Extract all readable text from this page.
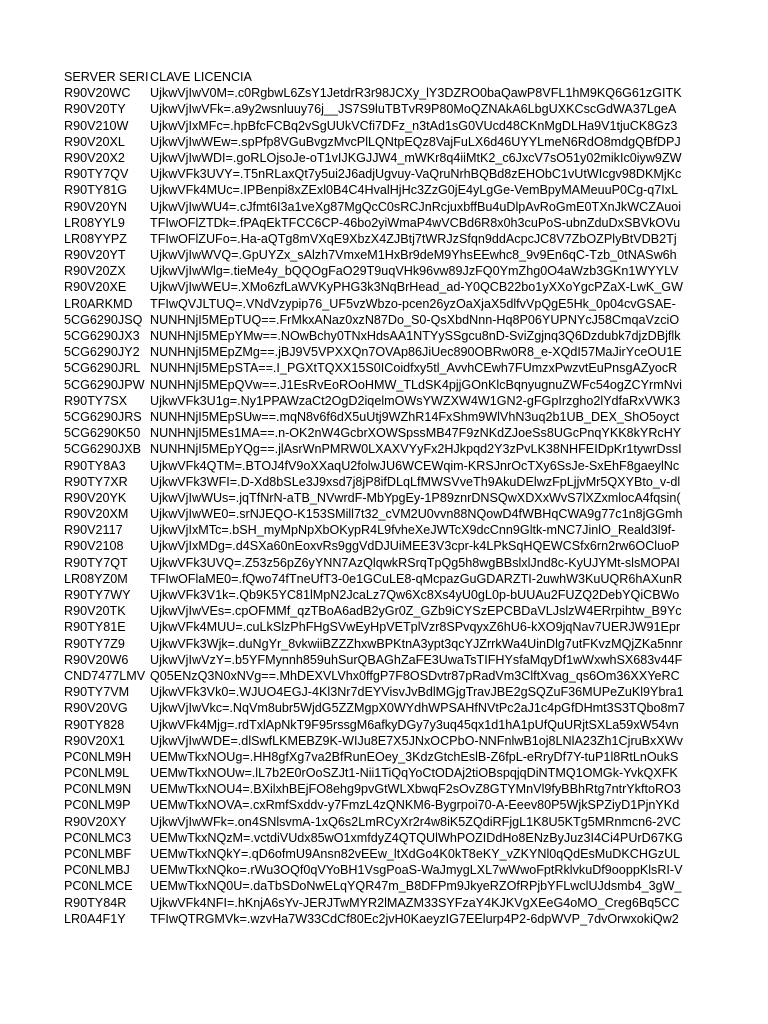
SERVER SERI CLAVE LICENCIA
R90V20WC	UjkwVjIwV0M=.c0RgbwL6ZsY1JetdrR3r98JCXy_lY3DZRO0baQawP8VFL1hM9KQ6G61zGITK
R90V20TY	UjkwVjIwVFk=.a9y2wsnluuy76j__JS7S9luTBTvR9P80MoQZNAkA6LbgUXKCscGdWA37LgeA
R90V210W	UjkwVjIxMFc=.hpBfcFCBq2vSgUUkVCfi7DFz_n3tAd1sG0VUcd48CKnMgDLHa9V1tjuCK8Gz3
R90V20XL	UjkwVjIwWEw=.spPfp8VGuBvgzMvcPlLQNtpEQz8VajFuLX6d46UYYLmeN6RdO8mdgQBfDPJ
R90V20X2	UjkwVjIwWDI=.goRLOjsoJe-oT1vIJKGJJW4_mWKr8q4iiMtK2_c6JxcV7sO51y02mikIc0iyw9ZW
R90TY7QV	UjkwVFk3UVY=.T5nRLaxQt7y5ui2J6adjUgvuy-VaQruNrhBQBd8zEHObC1vUtWIcgv98DKMjKc
R90TY81G	UjkwVFk4MUc=.IPBenpi8xZExl0B4C4HvalHjHc3ZzG0jE4yLgGe-VemBpyMAMeuuP0Cg-q7IxL
R90V20YN	UjkwVjIwWU4=.cJfmt6I3a1veXg87MgQcC0sRCJnRcjuxbffBu4uDlpAvRoGmE0TXnJkWCZAuoi
LR08YYL9	TFIwOFlZTDk=.fPAqEkTFCC6CP-46bo2yiWmaP4wVCBd6R8x0h3cuPoS-ubnZduDxSBVkOVu
LR08YYPZ	TFIwOFlZUFo=.Ha-aQTg8mVXqE9XbzX4ZJBtj7tWRJzSfqn9ddAcpcJC8V7ZbOZPlyBtVDB2Tj
R90V20YT	UjkwVjIwWVQ=.GpUYZx_sAlzh7VmxeM1HxBr9deM9YhsEEwhc8_9v9En6qC-Tzb_0tNASw6h
R90V20ZX	UjkwVjIwWlg=.tieMe4y_bQQOgFaO29T9uqVHk96vw89JzFQ0YmZhg0O4aWzb3GKn1WYYLV
R90V20XE	UjkwVjIwWEU=.XMo6zfLaWVKyPHG3k3NqBrHead_ad-Y0QCB22bo1yXXoYgcPZaX-LwK_GW
LR0ARKMD	TFIwQVJLTUQ=.VNdVzypip76_UF5vzWbzo-pcen26yzOaXjaX5dlfvVpQgE5Hk_0p04cvGSAE-
5CG6290JSQ NUNHNjI5MEpTUQ==.FrMkxANaz0xzN87Do_S0-QsXbdNnn-Hq8P06YUPNYcJ58CmqaVzciO
5CG6290JX3 NUNHNjI5MEpYMw==.NOwBchy0TNxHdsAA1NTYySSgcu8nD-SviZgjnq3Q6Dzdubk7djzDBjflk
5CG6290JY2 NUNHNjI5MEpZMg==.jBJ9V5VPXXQn7OVAp86JiUec890OBRw0R8_e-XQdI57MaJirYceOU1E
5CG6290JRL NUNHNjI5MEpSTA==.I_PGXtTQXX15S0ICoidfxy5tl_AvvhCEwh7FUmzxPwzvtEuPnsgAZyocR
5CG6290JPW NUNHNjI5MEpQVw==.J1EsRvEoROoHMW_TLdSK4pjjGOnKlcBqnyugnuZWFc54ogZCYrmNvi
R90TY7SX	UjkwVFk3U1g=.Ny1PPAWzaCt2OgD2iqelmOWsYWZXW4W1GN2-gFGpIrzgho2lYdfaRxVWK3
5CG6290JRS NUNHNjI5MEpSUw==.mqN8v6f6dX5uUtj9WZhR14FxShm9WlVhN3uq2b1UB_DEX_ShO5oyct
5CG6290K50 NUNHNjI5MEs1MA==.n-OK2nW4GcbrXOWSpssMB47F9zNKdZJoeSs8UGcPnqYKK8kYRcHY
5CG6290JXB NUNHNjI5MEpYQg==.jlAsrWnPMRW0LXAXVYyFx2HJkpqd2Y3zPvLK38NHFEIDpKr1tywrDssI
R90TY8A3	UjkwVFk4QTM=.BTOJ4fV9oXXaqU2folwJU6WCEWqim-KRSJnrOcTXy6SsJe-SxEhF8gaeylNc
R90TY7XR	UjkwVFk3WFI=.D-Xd8bSLe3J9xsd7j8jP8ifDLqLfMWSVveTh9AkuDElwzFpLjjvMr5QXYBto_v-dl
R90V20YK	UjkwVjIwWUs=.jqTfNrN-aTB_NVwrdF-MbYpgEy-1P89znrDNSQwXDXxWvS7lXZxmlocA4fqsin(
R90V20XM	UjkwVjIwWE0=.srNJEQO-K153SMill7t32_cVM2U0vvn88NQowD4fWBHqCWA9g77c1n8jGGmh
R90V2117	UjkwVjIxMTc=.bSH_myMpNpXbOKypR4L9fvheXeJWTcX9dcCnn9Gltk-mNC7JinlO_Reald3l9f-
R90V2108	UjkwVjIxMDg=.d4SXa60nEoxvRs9ggVdDJUiMEE3V3cpr-k4LPkSqHQEWCSfx6rn2rw6OCluoP
R90TY7QT	UjkwVFk3UVQ=.Z53z56pZ6yYNN7AzQlqwkRSrqTpQg5h8wgBBslxlJnd8c-KyUJYMt-slsMOPAI
LR08YZ0M	TFIwOFlaME0=.fQwo74fTneUfT3-0e1GCuLE8-qMcpazGuGDARZTI-2uwhW3KuUQR6hAXunR
R90TY7WY	UjkwVFk3V1k=.Qb9K5YC81lMpN2JcaLz7Qw6Xc8Xs4yU0gL0p-bUUAu2FUZQ2DebYQiCBWo
R90V20TK	UjkwVjIwVEs=.cpOFMMf_qzTBoA6adB2yGr0Z_GZb9iCYSzEPCBDaVLJslzW4ERrpihtw_B9Yc
R90TY81E	UjkwVFk4MUU=.cuLkSlzPhFHgSVwEyHpVETplVzr8SPvqyxZ6hU6-kXO9jqNav7UERJW91Epr
R90TY7Z9	UjkwVFk3Wjk=.duNgYr_8vkwiiBZZZhxwBPKtnA3ypt3qcYJZrrkWa4UinDlg7utFKvzMQjZKa5nnr
R90V20W6	UjkwVjIwVzY=.b5YFMynnh859uhSurQBAGhZaFE3UwaTsTIFHYsfaMqyDf1wWxwhSX683v44F
CND7477LMV Q05ENzQ3N0xNVg==.MhDEXVLVhx0ffgP7F8OSDvtr87pRadVm3ClftXvag_qs6Om36XXYeRC
R90TY7VM	UjkwVFk3Vk0=.WJUO4EGJ-4Kl3Nr7dEYVisvJvBdlMGjgTravJBE2gSQZuF36MUPeZuKl9Ybra1
R90V20VG	UjkwVjIwVkc=.NqVm8ubr5WjdG5ZZMgpX0WYdhWPSAHfNVtPc2aJ1c4pGfDHmt3S3TQbo8m7
R90TY828	UjkwVFk4Mjg=.rdTxlApNkT9F95rssgM6afkyDGy7y3uq45qx1d1hA1pUfQuURjtSXLa59xW54vn
R90V20X1	UjkwVjIwWDE=.dlSwfLKMEBZ9K-WIJu8E7X5JNxOCPbO-NNFnlwB1oj8LNlA23Zh1CjruBxXWv
PC0NLM9H	UEMwTkxNOUg=.HH8gfXg7va2BfRunEOey_3KdzGtchEslB-Z6fpL-eRryDf7Y-tuP1l8RtLnOukS
PC0NLM9L	UEMwTkxNOUw=.lL7b2E0rOoSZJt1-Nii1TiQqYoCtODAj2tiOBspqjqDiNTMQ1OMGk-YvkQXFK
PC0NLM9N	UEMwTkxNOU4=.BXilxhBEjFO8ehg9pvGtWLXbwqF2sOvZ8GTYMnVl9fyBBhRtg7ntrYkftoRO3
PC0NLM9P	UEMwTkxNOVA=.cxRmfSxddv-y7FmzL4zQNKM6-Bygrpoi70-A-Eeev80P5WjkSPZiyD1PjnYKd
R90V20XY	UjkwVjIwWFk=.on4SNlsvmA-1xQ6s2LmRCyXr2r4w8iK5ZQdiRFjgL1K8U5KTg5MRnmcn6-2VC
PC0NLMC3	UEMwTkxNQzM=.vctdiVUdx85wO1xmfdyZ4QTQUlWhPOZIDdHo8ENzByJuz3I4Ci4PUrD67KG
PC0NLMBF	UEMwTkxNQkY=.qD6ofmU9Ansn82vEEw_ltXdGo4K0kT8eKY_vZKYNl0qQdEsMuDKCHGzUL
PC0NLMBJ	UEMwTkxNQko=.rWu3OQf0qVYoBH1VsgPoaS-WaJmygLXL7wWwoFptRklvkuDf9ooppKlsRI-V
PC0NLMCE	UEMwTkxNQ0U=.daTbSDoNwELqYQR47m_B8DFPm9JkyeRZOfRPjbYFLwclUJdsmb4_3gW_
R90TY84R	UjkwVFk4NFI=.hKnjA6sYv-JERJTwMYR2lMAZM33SYFzaY4KJKVgXEeG4oMO_Creg6Bq5CC
LR0A4F1Y	TFIwQTRGMVk=.wzvHa7W33CdCf80Ec2jvH0KaeyzIG7EElurp4P2-6dpWVP_7dvOrwxokiQw2
